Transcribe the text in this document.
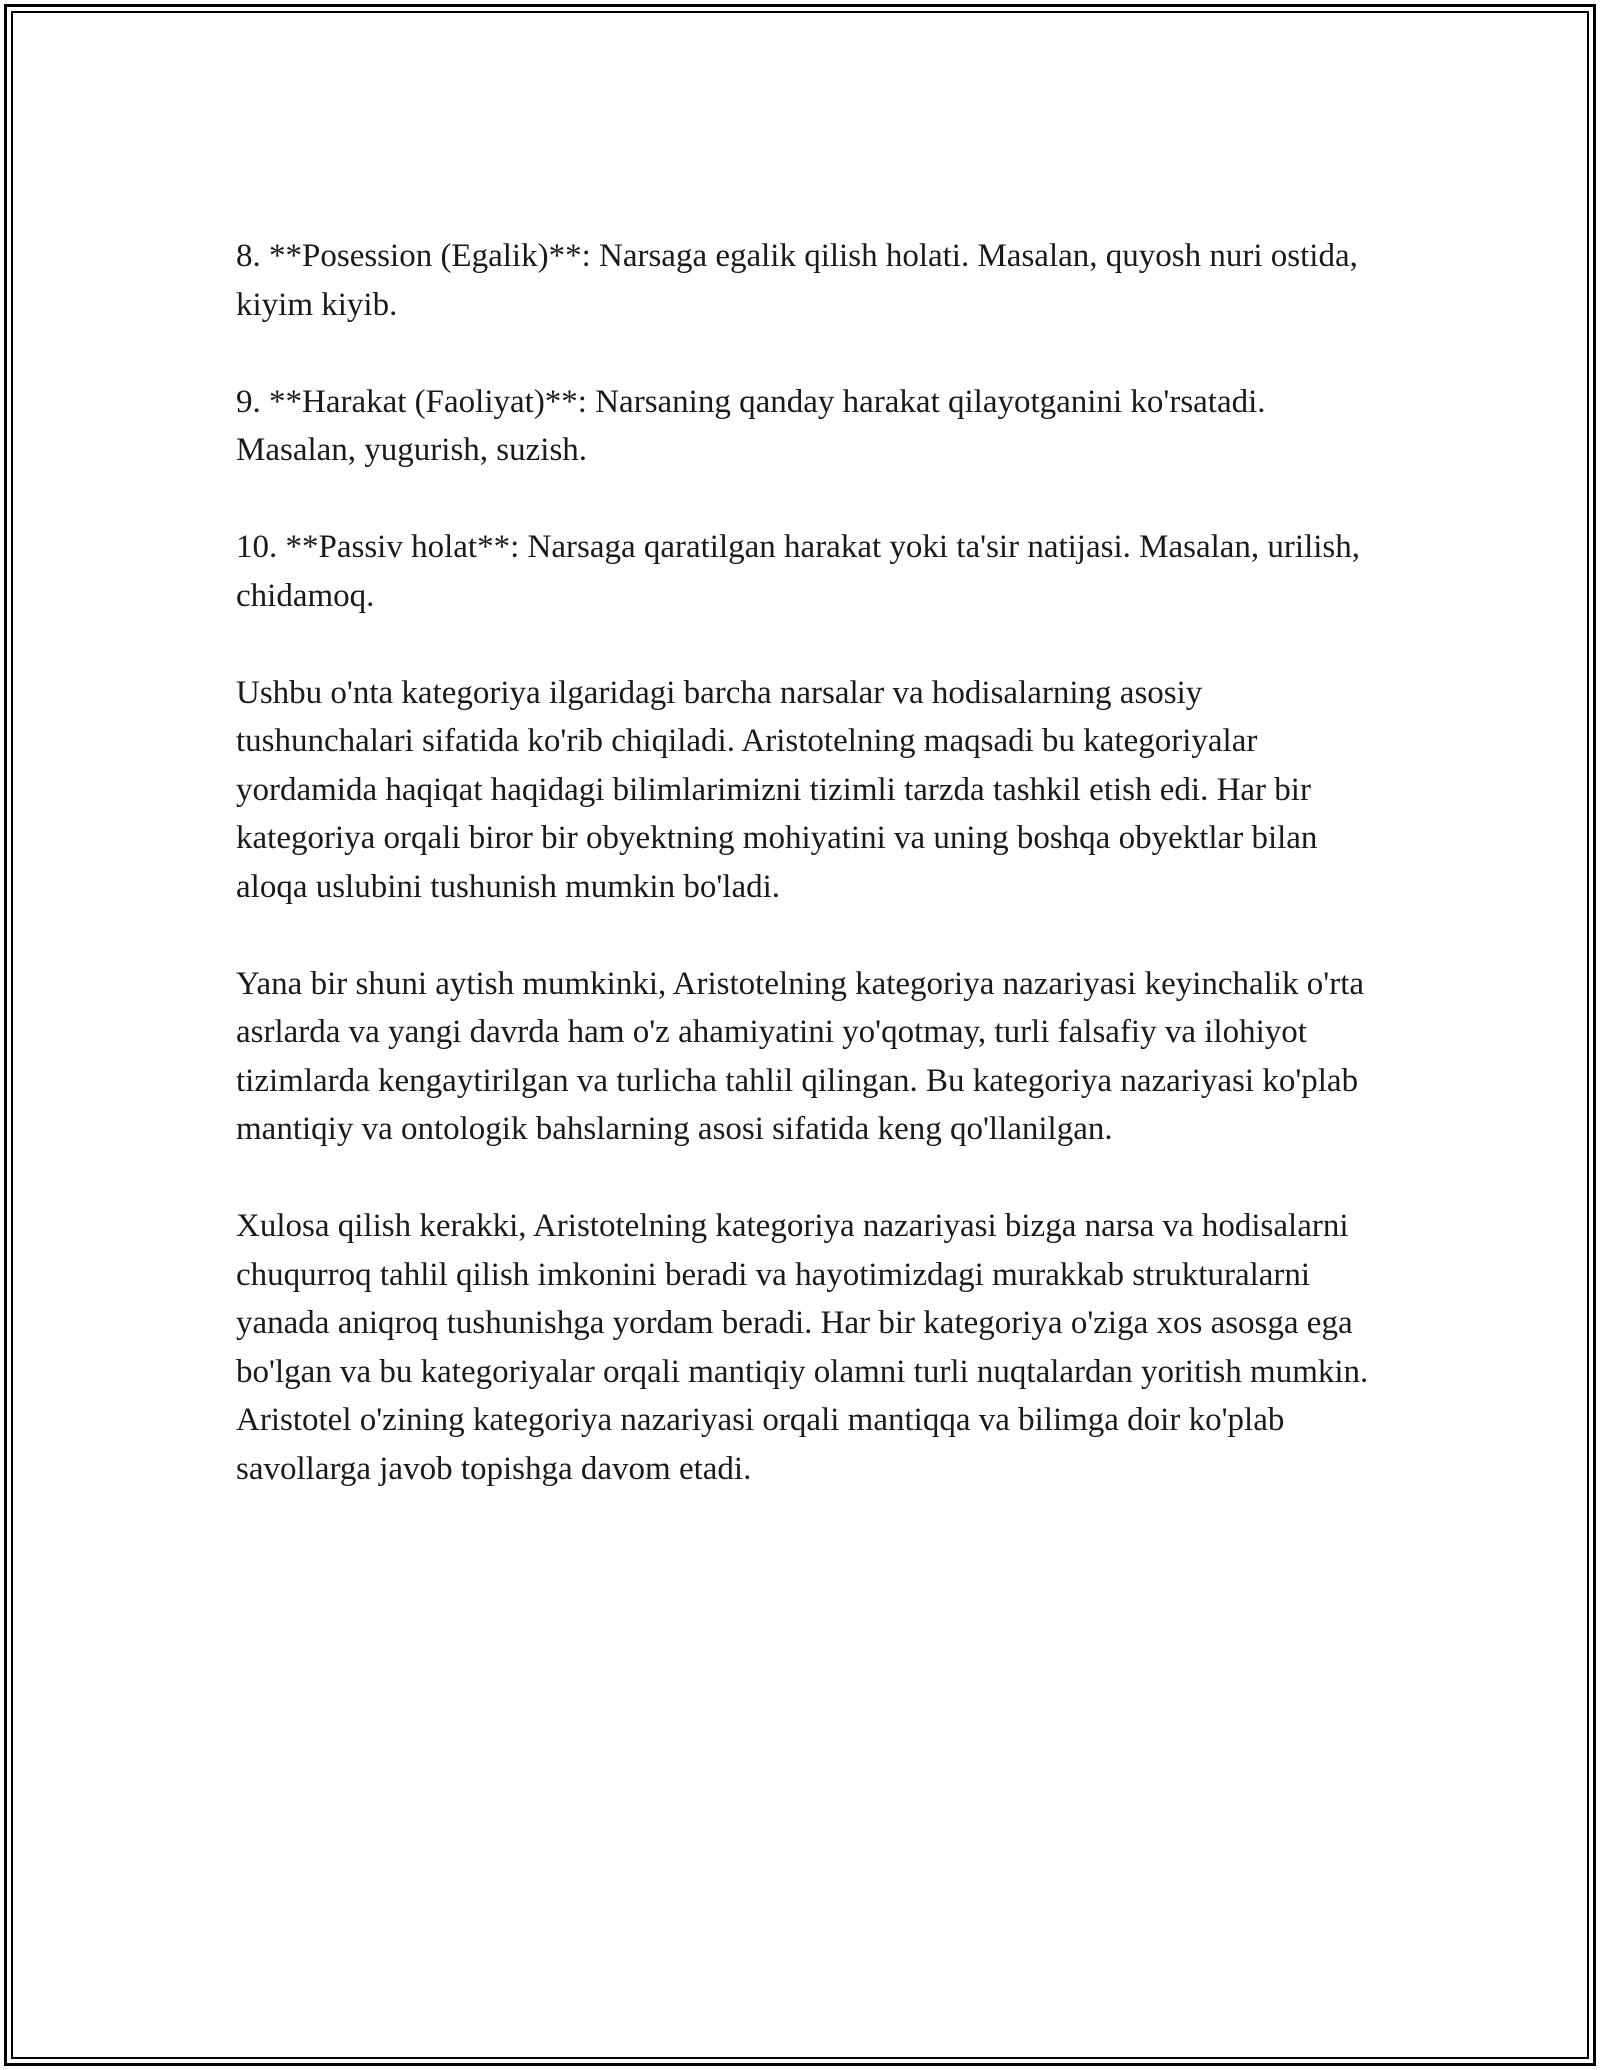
8. **Posession (Egalik)**: Narsaga egalik qilish holati. Masalan, quyosh nuri ostida, kiyim kiyib.

9. **Harakat (Faoliyat)**: Narsaning qanday harakat qilayotganini ko'rsatadi. Masalan, yugurish, suzish.

10. **Passiv holat**: Narsaga qaratilgan harakat yoki ta'sir natijasi. Masalan, urilish, chidamoq.

Ushbu o'nta kategoriya ilgaridagi barcha narsalar va hodisalarning asosiy tushunchalari sifatida ko'rib chiqiladi. Aristotelning maqsadi bu kategoriyalar yordamida haqiqat haqidagi bilimlarimizni tizimli tarzda tashkil etish edi. Har bir kategoriya orqali biror bir obyektning mohiyatini va uning boshqa obyektlar bilan aloqa uslubini tushunish mumkin bo'ladi.

Yana bir shuni aytish mumkinki, Aristotelning kategoriya nazariyasi keyinchalik o'rta asrlarda va yangi davrda ham o'z ahamiyatini yo'qotmay, turli falsafiy va ilohiyot tizimlarda kengaytirilgan va turlicha tahlil qilingan. Bu kategoriya nazariyasi ko'plab mantiqiy va ontologik bahslarning asosi sifatida keng qo'llanilgan.

Xulosa qilish kerakki, Aristotelning kategoriya nazariyasi bizga narsa va hodisalarni chuqurroq tahlil qilish imkonini beradi va hayotimizdagi murakkab strukturalarni yanada aniqroq tushunishga yordam beradi. Har bir kategoriya o'ziga xos asosga ega bo'lgan va bu kategoriyalar orqali mantiqiy olamni turli nuqtalardan yoritish mumkin. Aristotel o'zining kategoriya nazariyasi orqali mantiqqa va bilimga doir ko'plab savollarga javob topishga davom etadi.
